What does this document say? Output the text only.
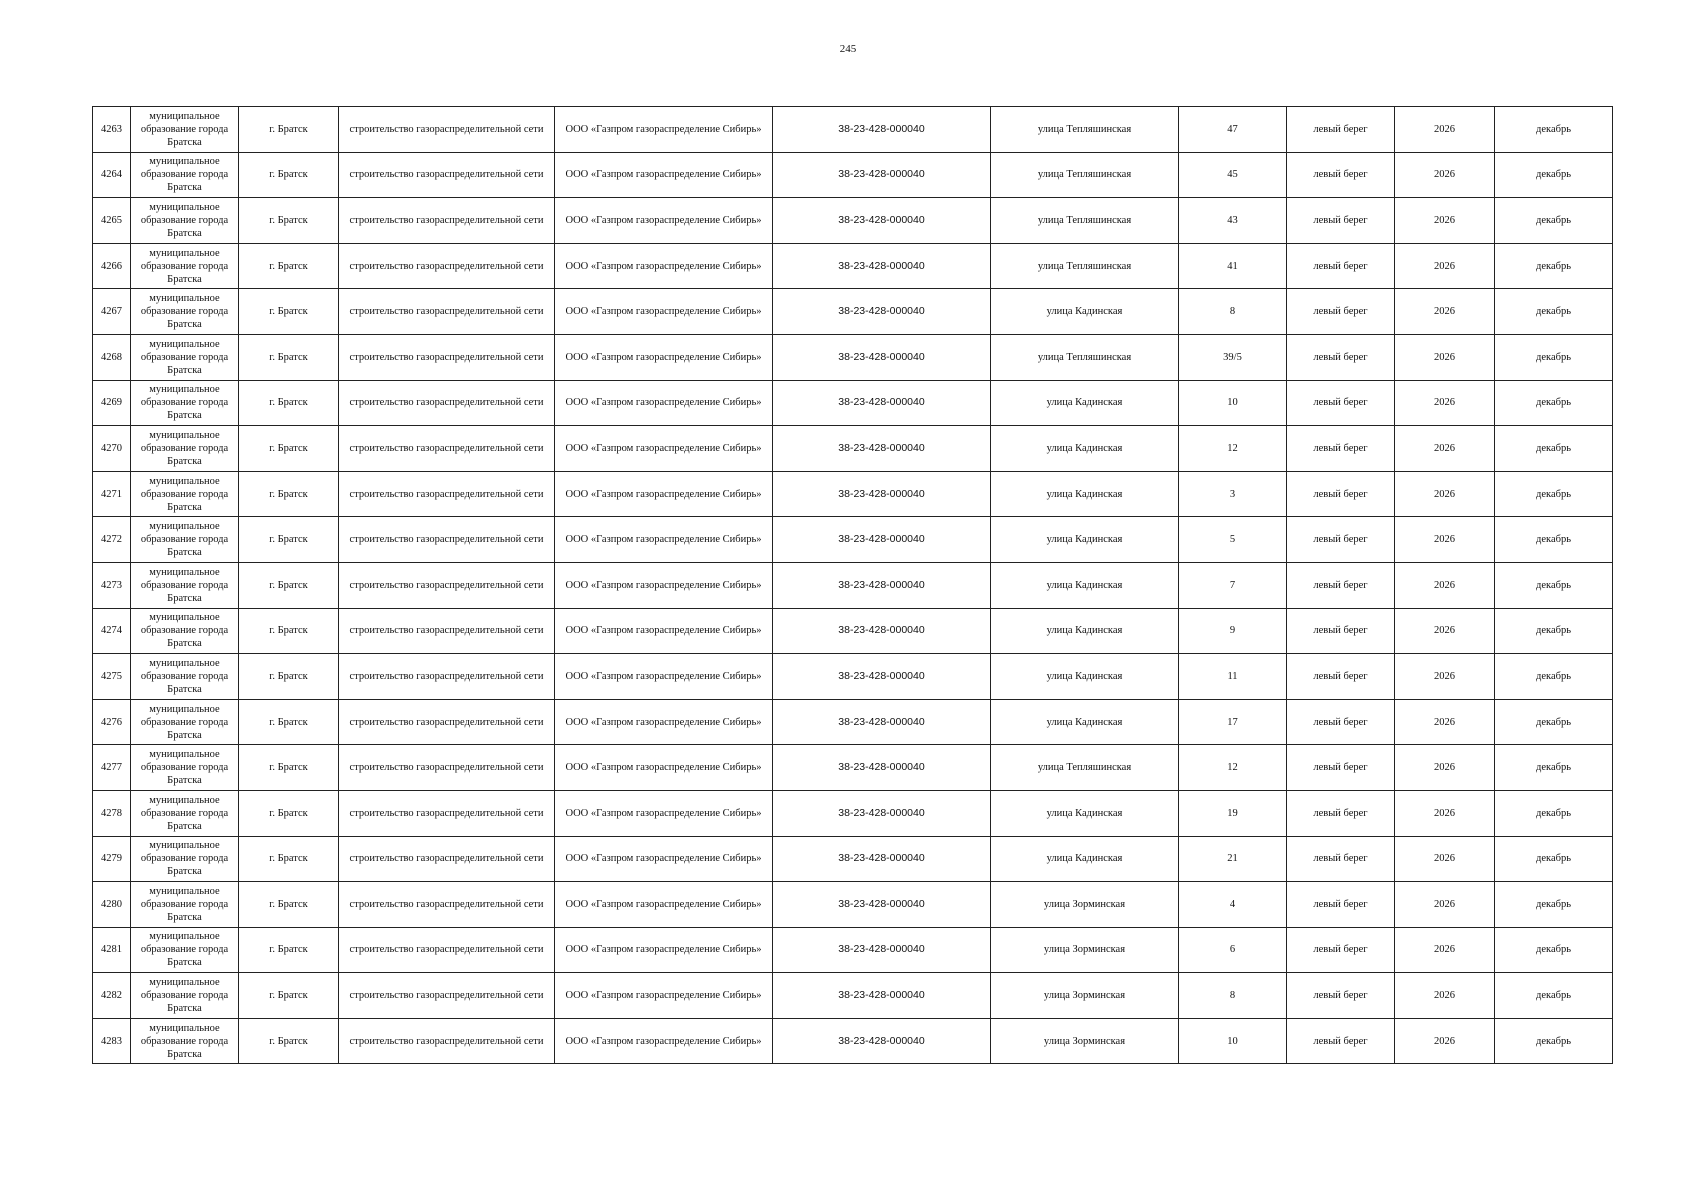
245
4263	муниципальное
образование города
Братска	г. Братск	строительство газораспределительной сети	ООО «Газпром газораспределение Сибирь»	38-23-428-000040	улица Тепляшинская	47	левый берег	2026	декабрь
4264	муниципальное
образование города
Братска	г. Братск	строительство газораспределительной сети	ООО «Газпром газораспределение Сибирь»	38-23-428-000040	улица Тепляшинская	45	левый берег	2026	декабрь
4265	муниципальное
образование города
Братска	г. Братск	строительство газораспределительной сети	ООО «Газпром газораспределение Сибирь»	38-23-428-000040	улица Тепляшинская	43	левый берег	2026	декабрь
4266	муниципальное
образование города
Братска	г. Братск	строительство газораспределительной сети	ООО «Газпром газораспределение Сибирь»	38-23-428-000040	улица Тепляшинская	41	левый берег	2026	декабрь
4267	муниципальное
образование города
Братска	г. Братск	строительство газораспределительной сети	ООО «Газпром газораспределение Сибирь»	38-23-428-000040	улица Кадинская	8	левый берег	2026	декабрь
4268	муниципальное
образование города
Братска	г. Братск	строительство газораспределительной сети	ООО «Газпром газораспределение Сибирь»	38-23-428-000040	улица Тепляшинская	39/5	левый берег	2026	декабрь
4269	муниципальное
образование города
Братска	г. Братск	строительство газораспределительной сети	ООО «Газпром газораспределение Сибирь»	38-23-428-000040	улица Кадинская	10	левый берег	2026	декабрь
4270	муниципальное
образование города
Братска	г. Братск	строительство газораспределительной сети	ООО «Газпром газораспределение Сибирь»	38-23-428-000040	улица Кадинская	12	левый берег	2026	декабрь
4271	муниципальное
образование города
Братска	г. Братск	строительство газораспределительной сети	ООО «Газпром газораспределение Сибирь»	38-23-428-000040	улица Кадинская	3	левый берег	2026	декабрь
4272	муниципальное
образование города
Братска	г. Братск	строительство газораспределительной сети	ООО «Газпром газораспределение Сибирь»	38-23-428-000040	улица Кадинская	5	левый берег	2026	декабрь
4273	муниципальное
образование города
Братска	г. Братск	строительство газораспределительной сети	ООО «Газпром газораспределение Сибирь»	38-23-428-000040	улица Кадинская	7	левый берег	2026	декабрь
4274	муниципальное
образование города
Братска	г. Братск	строительство газораспределительной сети	ООО «Газпром газораспределение Сибирь»	38-23-428-000040	улица Кадинская	9	левый берег	2026	декабрь
4275	муниципальное
образование города
Братска	г. Братск	строительство газораспределительной сети	ООО «Газпром газораспределение Сибирь»	38-23-428-000040	улица Кадинская	11	левый берег	2026	декабрь
4276	муниципальное
образование города
Братска	г. Братск	строительство газораспределительной сети	ООО «Газпром газораспределение Сибирь»	38-23-428-000040	улица Кадинская	17	левый берег	2026	декабрь
4277	муниципальное
образование города
Братска	г. Братск	строительство газораспределительной сети	ООО «Газпром газораспределение Сибирь»	38-23-428-000040	улица Тепляшинская	12	левый берег	2026	декабрь
4278	муниципальное
образование города
Братска	г. Братск	строительство газораспределительной сети	ООО «Газпром газораспределение Сибирь»	38-23-428-000040	улица Кадинская	19	левый берег	2026	декабрь
4279	муниципальное
образование города
Братска	г. Братск	строительство газораспределительной сети	ООО «Газпром газораспределение Сибирь»	38-23-428-000040	улица Кадинская	21	левый берег	2026	декабрь
4280	муниципальное
образование города
Братска	г. Братск	строительство газораспределительной сети	ООО «Газпром газораспределение Сибирь»	38-23-428-000040	улица Зорминская	4	левый берег	2026	декабрь
4281	муниципальное
образование города
Братска	г. Братск	строительство газораспределительной сети	ООО «Газпром газораспределение Сибирь»	38-23-428-000040	улица Зорминская	6	левый берег	2026	декабрь
4282	муниципальное
образование города
Братска	г. Братск	строительство газораспределительной сети	ООО «Газпром газораспределение Сибирь»	38-23-428-000040	улица Зорминская	8	левый берег	2026	декабрь
4283	муниципальное
образование города
Братска	г. Братск	строительство газораспределительной сети	ООО «Газпром газораспределение Сибирь»	38-23-428-000040	улица Зорминская	10	левый берег	2026	декабрь
